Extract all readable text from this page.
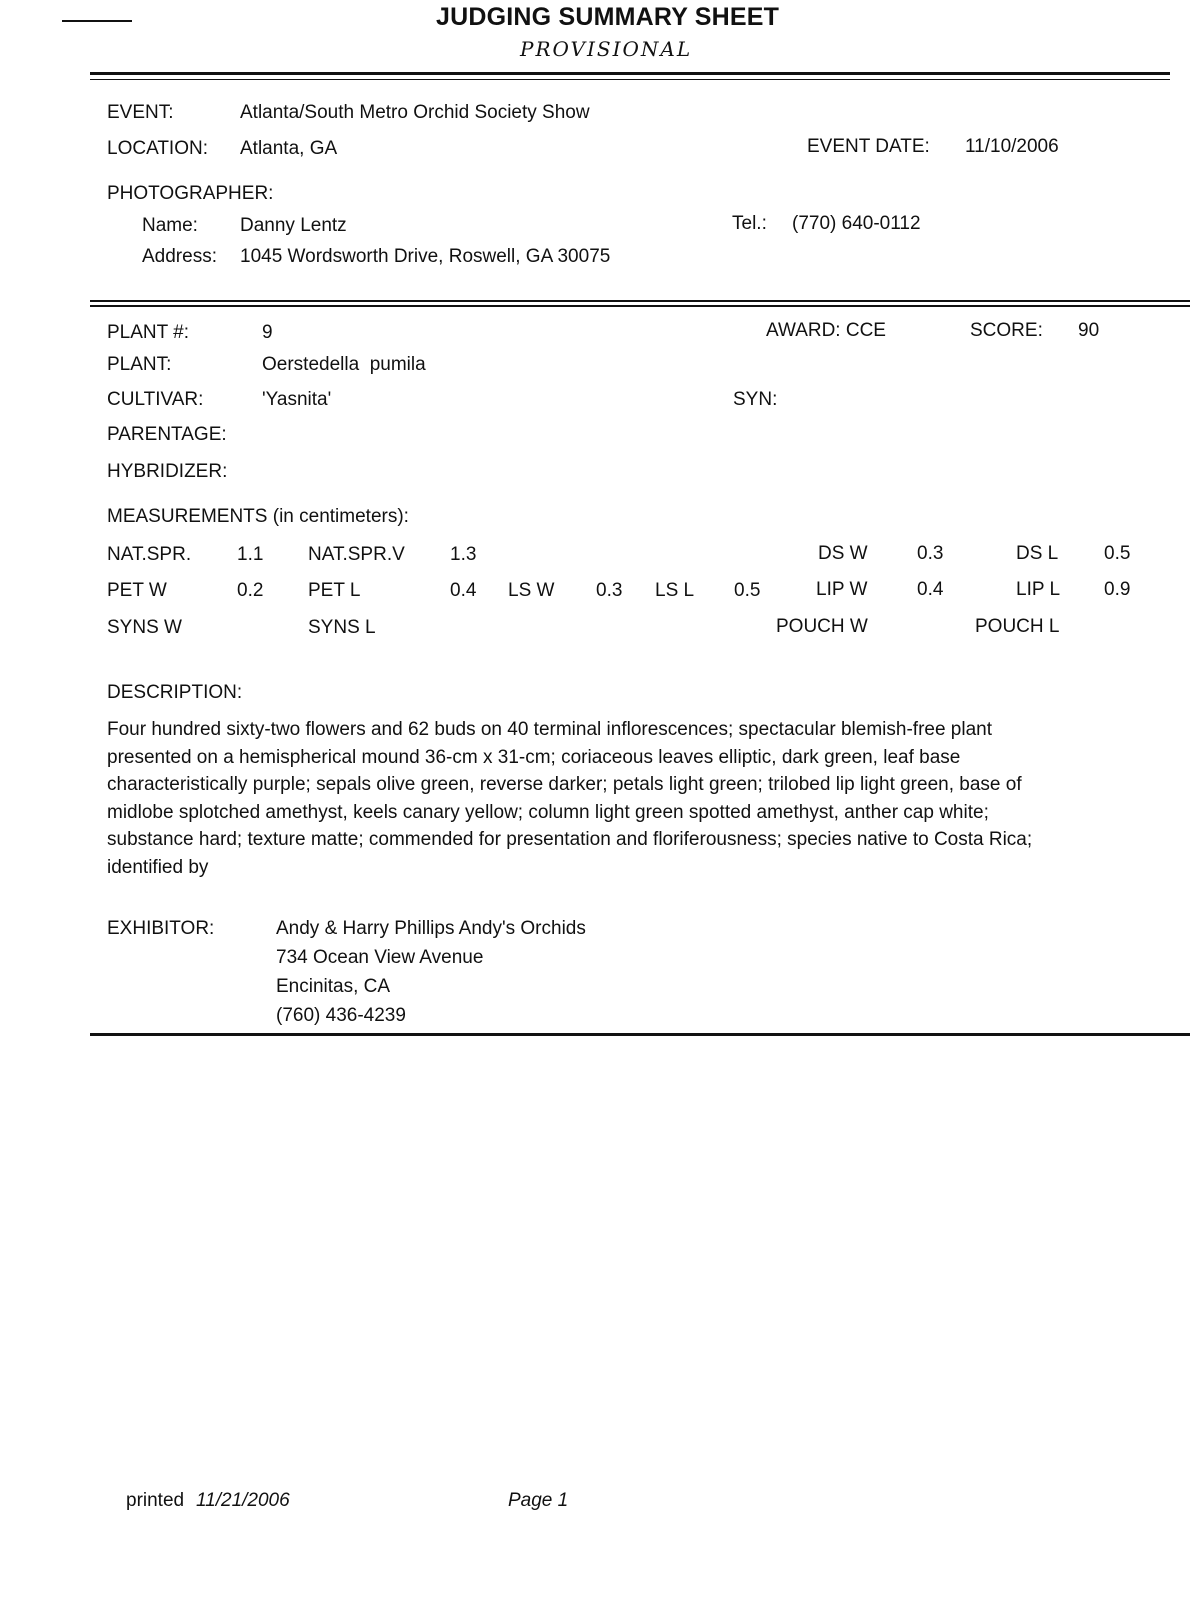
JUDGING SUMMARY SHEET
PROVISIONAL
EVENT:	Atlanta/South Metro Orchid Society Show
LOCATION: Atlanta, GA	EVENT DATE: 11/10/2006
PHOTOGRAPHER:
Name: Danny Lentz	Tel.: (770) 640-0112
Address: 1045 Wordsworth Drive, Roswell, GA 30075
PLANT #:	9	AWARD: CCE	SCORE: 90
PLANT:	Oerstedella  pumila
CULTIVAR:	'Yasnita'	SYN:
PARENTAGE:
HYBRIDIZER:
MEASUREMENTS (in centimeters):
NAT.SPR. 1.1 NAT.SPR.V 1.3	DS W	0.3	DS L 0.5
PET W	0.2 PET L	0.4 LS W 0.3 LS L 0.5	LIP W	0.4	LIP L 0.9
SYNS W	SYNS L	POUCH W	POUCH L
DESCRIPTION:
Four hundred sixty-two flowers and 62 buds on 40 terminal inflorescences; spectacular blemish-free plant
presented on a hemispherical mound 36-cm x 31-cm; coriaceous leaves elliptic, dark green, leaf base
characteristically purple; sepals olive green, reverse darker; petals light green; trilobed lip light green, base of
midlobe splotched amethyst, keels canary yellow; column light green spotted amethyst, anther cap white;
substance hard; texture matte; commended for presentation and floriferousness; species native to Costa Rica;
identified by
EXHIBITOR:	Andy & Harry Phillips Andy's Orchids
734 Ocean View Avenue
Encinitas, CA
(760) 436-4239
printed 11/21/2006	Page 1
